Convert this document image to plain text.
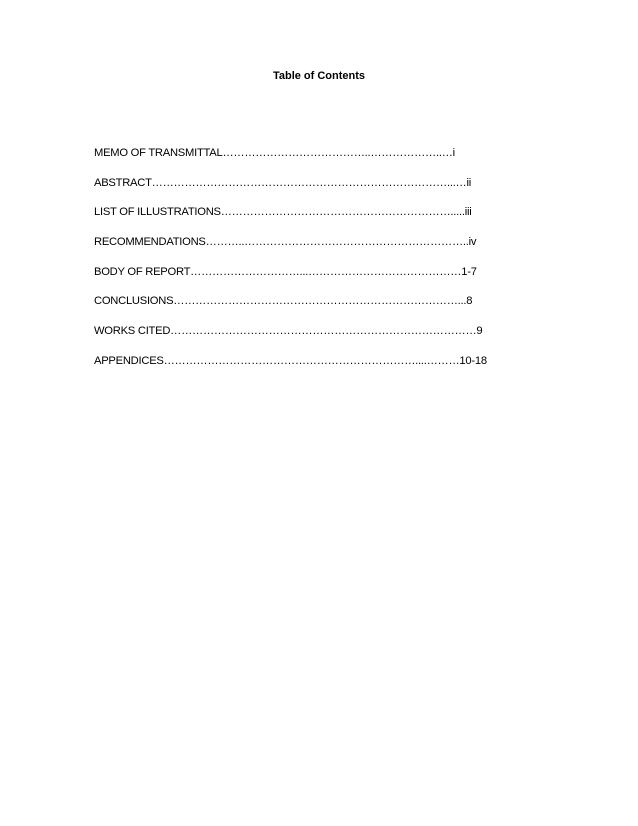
Table of Contents
MEMO OF TRANSMITTAL…………………………………..………………..…i
ABSTRACT………………………………………………………………………...…ii
LIST OF ILLUSTRATIONS……………………………………………………….....iii
RECOMMENDATIONS………..……………………………………………………..iv
BODY OF REPORT…………………………...……………………………………1-7
CONCLUSIONS……………………………………………………………………...8
WORKS CITED…………………………………………………………………………9
APPENDICES……………………………………………………………....………10-18
